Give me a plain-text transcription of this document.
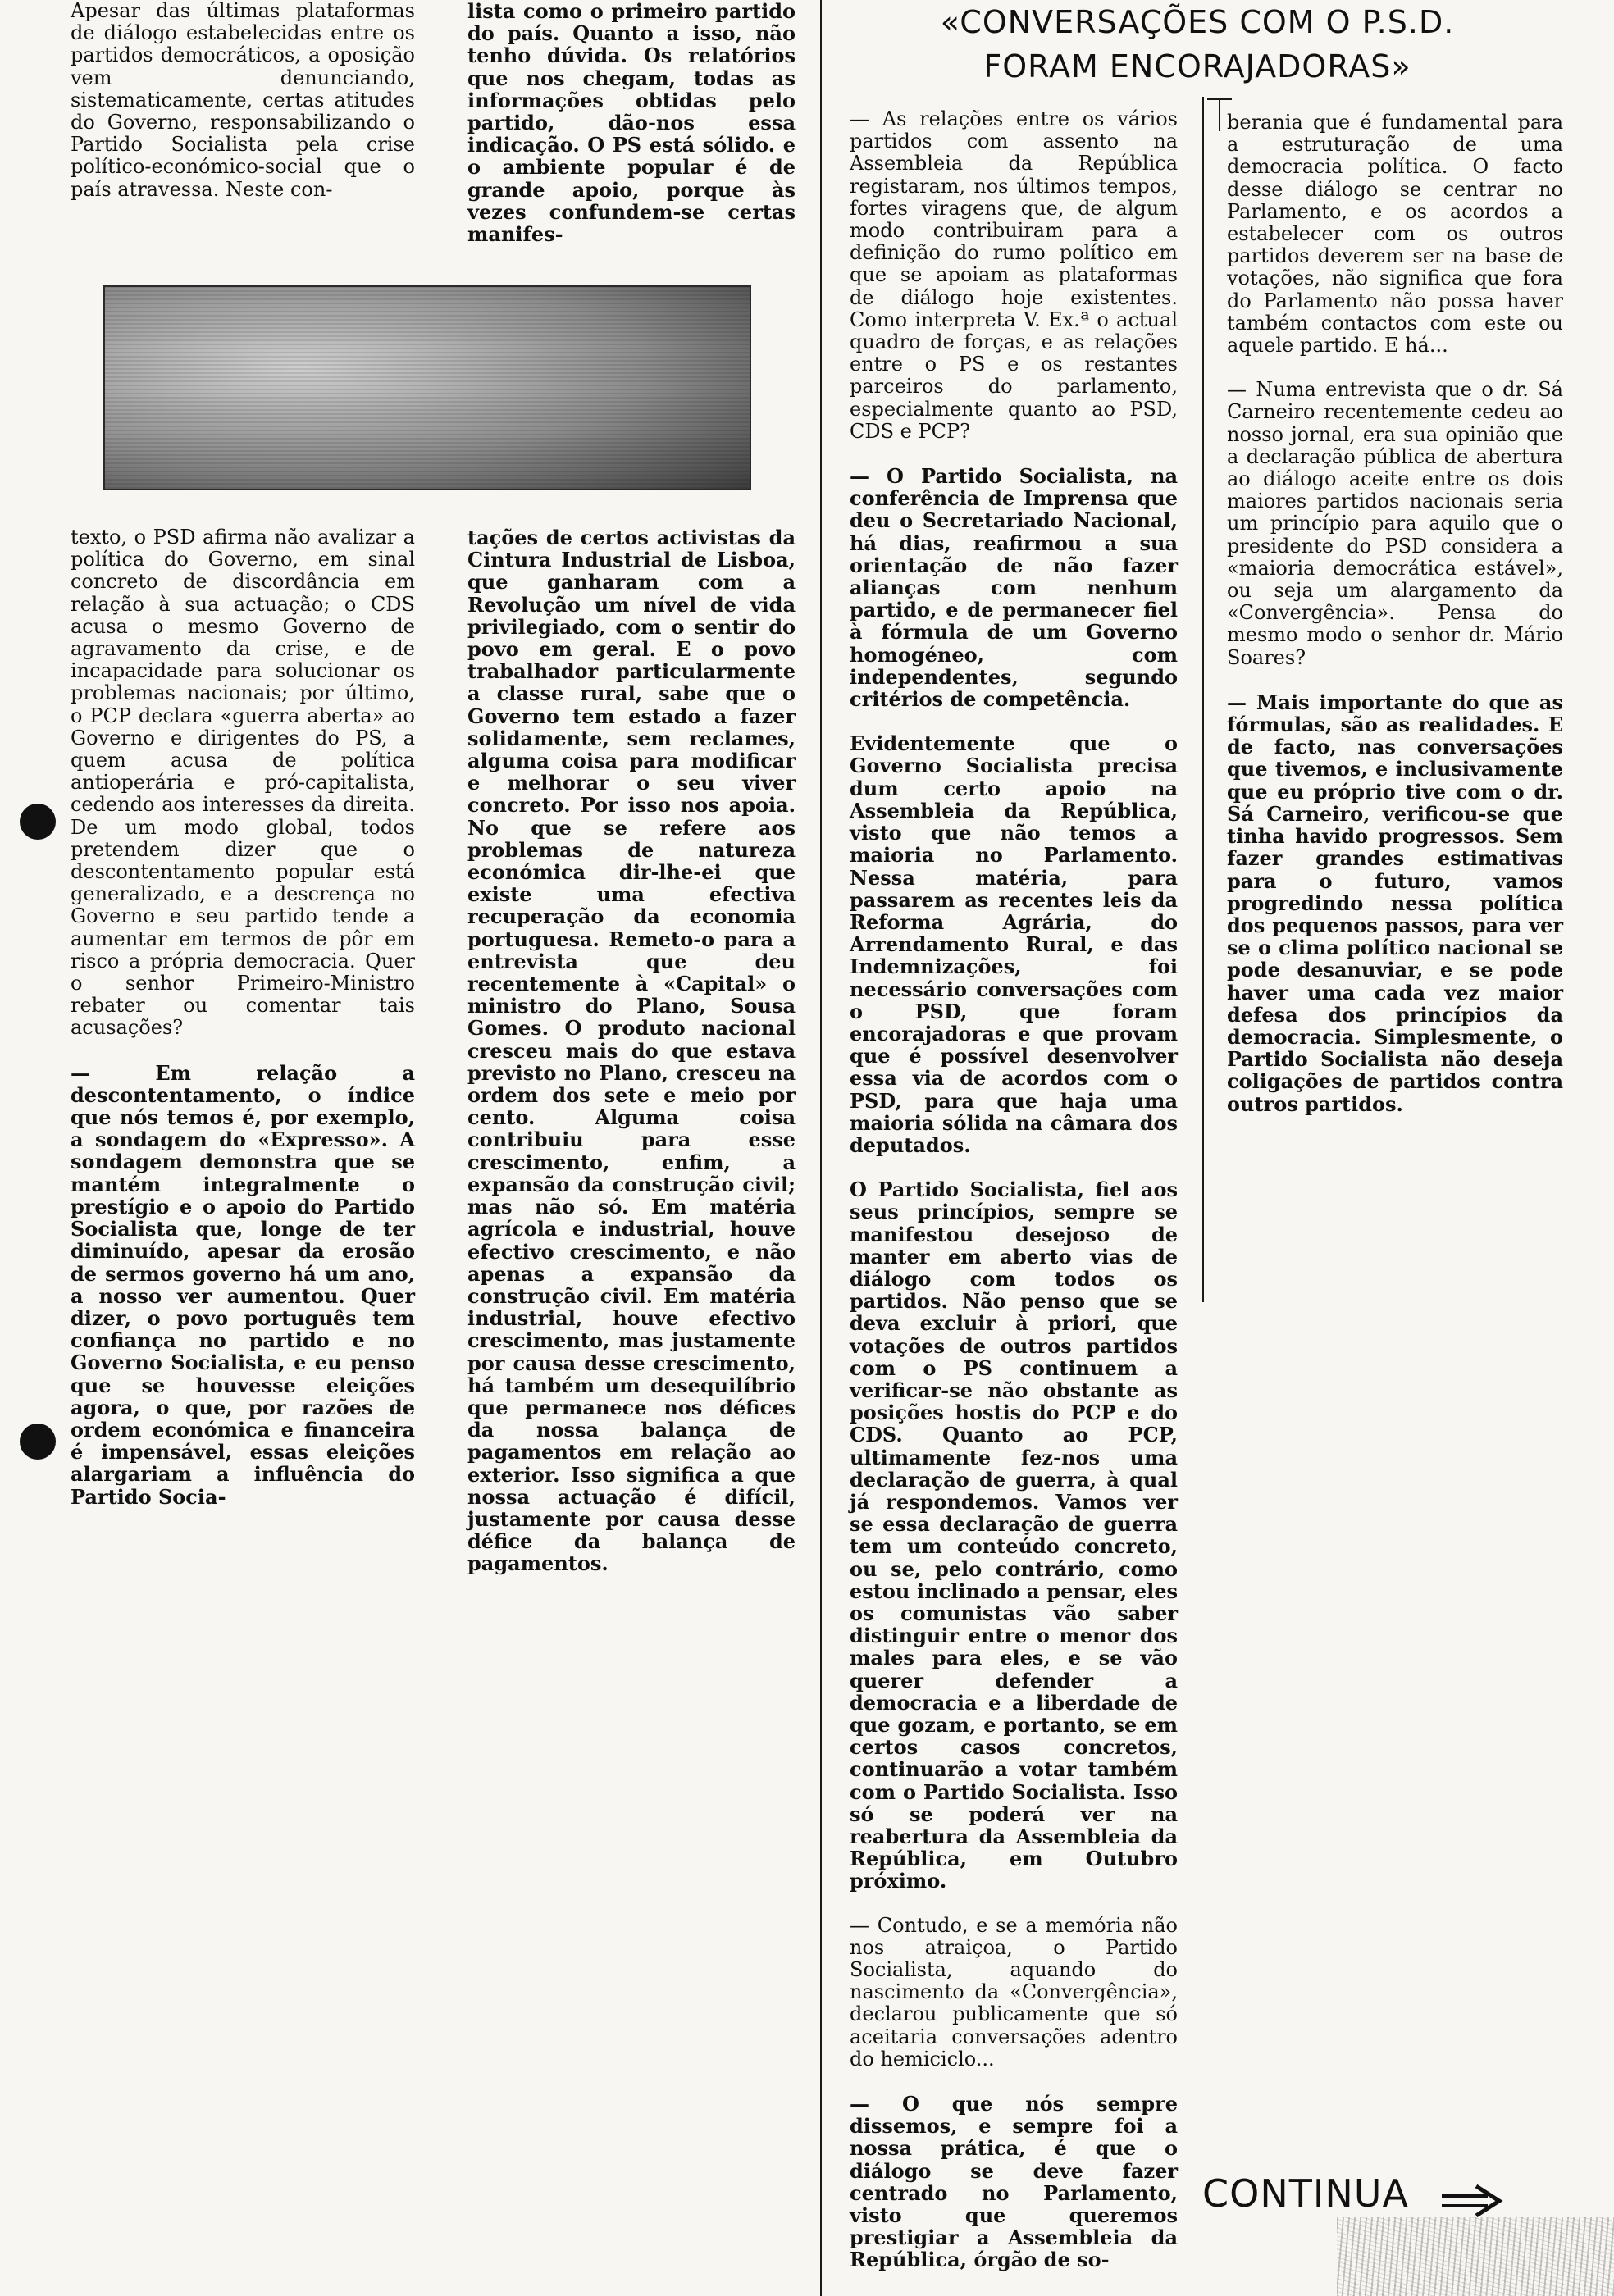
«CONVERSAÇÕES COM O P.S.D.
FORAM ENCORAJADORAS»

Apesar das últimas plataformas de diálogo estabelecidas entre os partidos democráticos, a oposição vem denunciando, sistematicamente, certas atitudes do Governo, responsabilizando o Partido Socialista pela crise político-económico-social que o país atravessa. Neste con-

lista como o primeiro partido do país. Quanto a isso, não tenho dúvida. Os relatórios que nos chegam, todas as informações obtidas pelo partido, dão-nos essa indicação. O PS está sólido. e o ambiente popular é de grande apoio, porque às vezes confundem-se certas manifes-

texto, o PSD afirma não avalizar a política do Governo, em sinal concreto de discordância em relação à sua actuação; o CDS acusa o mesmo Governo de agravamento da crise, e de incapacidade para solucionar os problemas nacionais; por último, o PCP declara «guerra aberta» ao Governo e dirigentes do PS, a quem acusa de política antioperária e pró-capitalista, cedendo aos interesses da direita. De um modo global, todos pretendem dizer que o descontentamento popular está generalizado, e a descrença no Governo e seu partido tende a aumentar em termos de pôr em risco a própria democracia. Quer o senhor Primeiro-Ministro rebater ou comentar tais acusações?

— Em relação a descontentamento, o índice que nós temos é, por exemplo, a sondagem do «Expresso». A sondagem demonstra que se mantém integralmente o prestígio e o apoio do Partido Socialista que, longe de ter diminuído, apesar da erosão de sermos governo há um ano, a nosso ver aumentou. Quer dizer, o povo português tem confiança no partido e no Governo Socialista, e eu penso que se houvesse eleições agora, o que, por razões de ordem económica e financeira é impensável, essas eleições alargariam a influência do Partido Socia-

tações de certos activistas da Cintura Industrial de Lisboa, que ganharam com a Revolução um nível de vida privilegiado, com o sentir do povo em geral. E o povo trabalhador particularmente a classe rural, sabe que o Governo tem estado a fazer solidamente, sem reclames, alguma coisa para modificar e melhorar o seu viver concreto. Por isso nos apoia. No que se refere aos problemas de natureza económica dir-lhe-ei que existe uma efectiva recuperação da economia portuguesa. Remeto-o para a entrevista que deu recentemente à «Capital» o ministro do Plano, Sousa Gomes. O produto nacional cresceu mais do que estava previsto no Plano, cresceu na ordem dos sete e meio por cento. Alguma coisa contribuiu para esse crescimento, enfim, a expansão da construção civil; mas não só. Em matéria agrícola e industrial, houve efectivo crescimento, e não apenas a expansão da construção civil. Em matéria industrial, houve efectivo crescimento, mas justamente por causa desse crescimento, há também um desequilíbrio que permanece nos défices da nossa balança de pagamentos em relação ao exterior. Isso significa a que nossa actuação é difícil, justamente por causa desse défice da balança de pagamentos.

— As relações entre os vários partidos com assento na Assembleia da República registaram, nos últimos tempos, fortes viragens que, de algum modo contribuiram para a definição do rumo político em que se apoiam as plataformas de diálogo hoje existentes. Como interpreta V. Ex.ª o actual quadro de forças, e as relações entre o PS e os restantes parceiros do parlamento, especialmente quanto ao PSD, CDS e PCP?

— O Partido Socialista, na conferência de Imprensa que deu o Secretariado Nacional, há dias, reafirmou a sua orientação de não fazer alianças com nenhum partido, e de permanecer fiel à fórmula de um Governo homogéneo, com independentes, segundo critérios de competência.

Evidentemente que o Governo Socialista precisa dum certo apoio na Assembleia da República, visto que não temos a maioria no Parlamento. Nessa matéria, para passarem as recentes leis da Reforma Agrária, do Arrendamento Rural, e das Indemnizações, foi necessário conversações com o PSD, que foram encorajadoras e que provam que é possível desenvolver essa via de acordos com o PSD, para que haja uma maioria sólida na câmara dos deputados.

O Partido Socialista, fiel aos seus princípios, sempre se manifestou desejoso de manter em aberto vias de diálogo com todos os partidos. Não penso que se deva excluir à priori, que votações de outros partidos com o PS continuem a verificar-se não obstante as posições hostis do PCP e do CDS. Quanto ao PCP, ultimamente fez-nos uma declaração de guerra, à qual já respondemos. Vamos ver se essa declaração de guerra tem um conteúdo concreto, ou se, pelo contrário, como estou inclinado a pensar, eles os comunistas vão saber distinguir entre o menor dos males para eles, e se vão querer defender a democracia e a liberdade de que gozam, e portanto, se em certos casos concretos, continuarão a votar também com o Partido Socialista. Isso só se poderá ver na reabertura da Assembleia da República, em Outubro próximo.

— Contudo, e se a memória não nos atraiçoa, o Partido Socialista, aquando do nascimento da «Convergência», declarou publicamente que só aceitaria conversações adentro do hemiciclo...

— O que nós sempre dissemos, e sempre foi a nossa prática, é que o diálogo se deve fazer centrado no Parlamento, visto que queremos prestigiar a Assembleia da República, órgão de so-

berania que é fundamental para a estruturação de uma democracia política. O facto desse diálogo se centrar no Parlamento, e os acordos a estabelecer com os outros partidos deverem ser na base de votações, não significa que fora do Parlamento não possa haver também contactos com este ou aquele partido. E há...

— Numa entrevista que o dr. Sá Carneiro recentemente cedeu ao nosso jornal, era sua opinião que a declaração pública de abertura ao diálogo aceite entre os dois maiores partidos nacionais seria um princípio para aquilo que o presidente do PSD considera a «maioria democrática estável», ou seja um alargamento da «Convergência». Pensa do mesmo modo o senhor dr. Mário Soares?

— Mais importante do que as fórmulas, são as realidades. E de facto, nas conversações que tivemos, e inclusivamente que eu próprio tive com o dr. Sá Carneiro, verificou-se que tinha havido progressos. Sem fazer grandes estimativas para o futuro, vamos progredindo nessa política dos pequenos passos, para ver se o clima político nacional se pode desanuviar, e se pode haver uma cada vez maior defesa dos princípios da democracia. Simplesmente, o Partido Socialista não deseja coligações de partidos contra outros partidos.

CONTINUA
